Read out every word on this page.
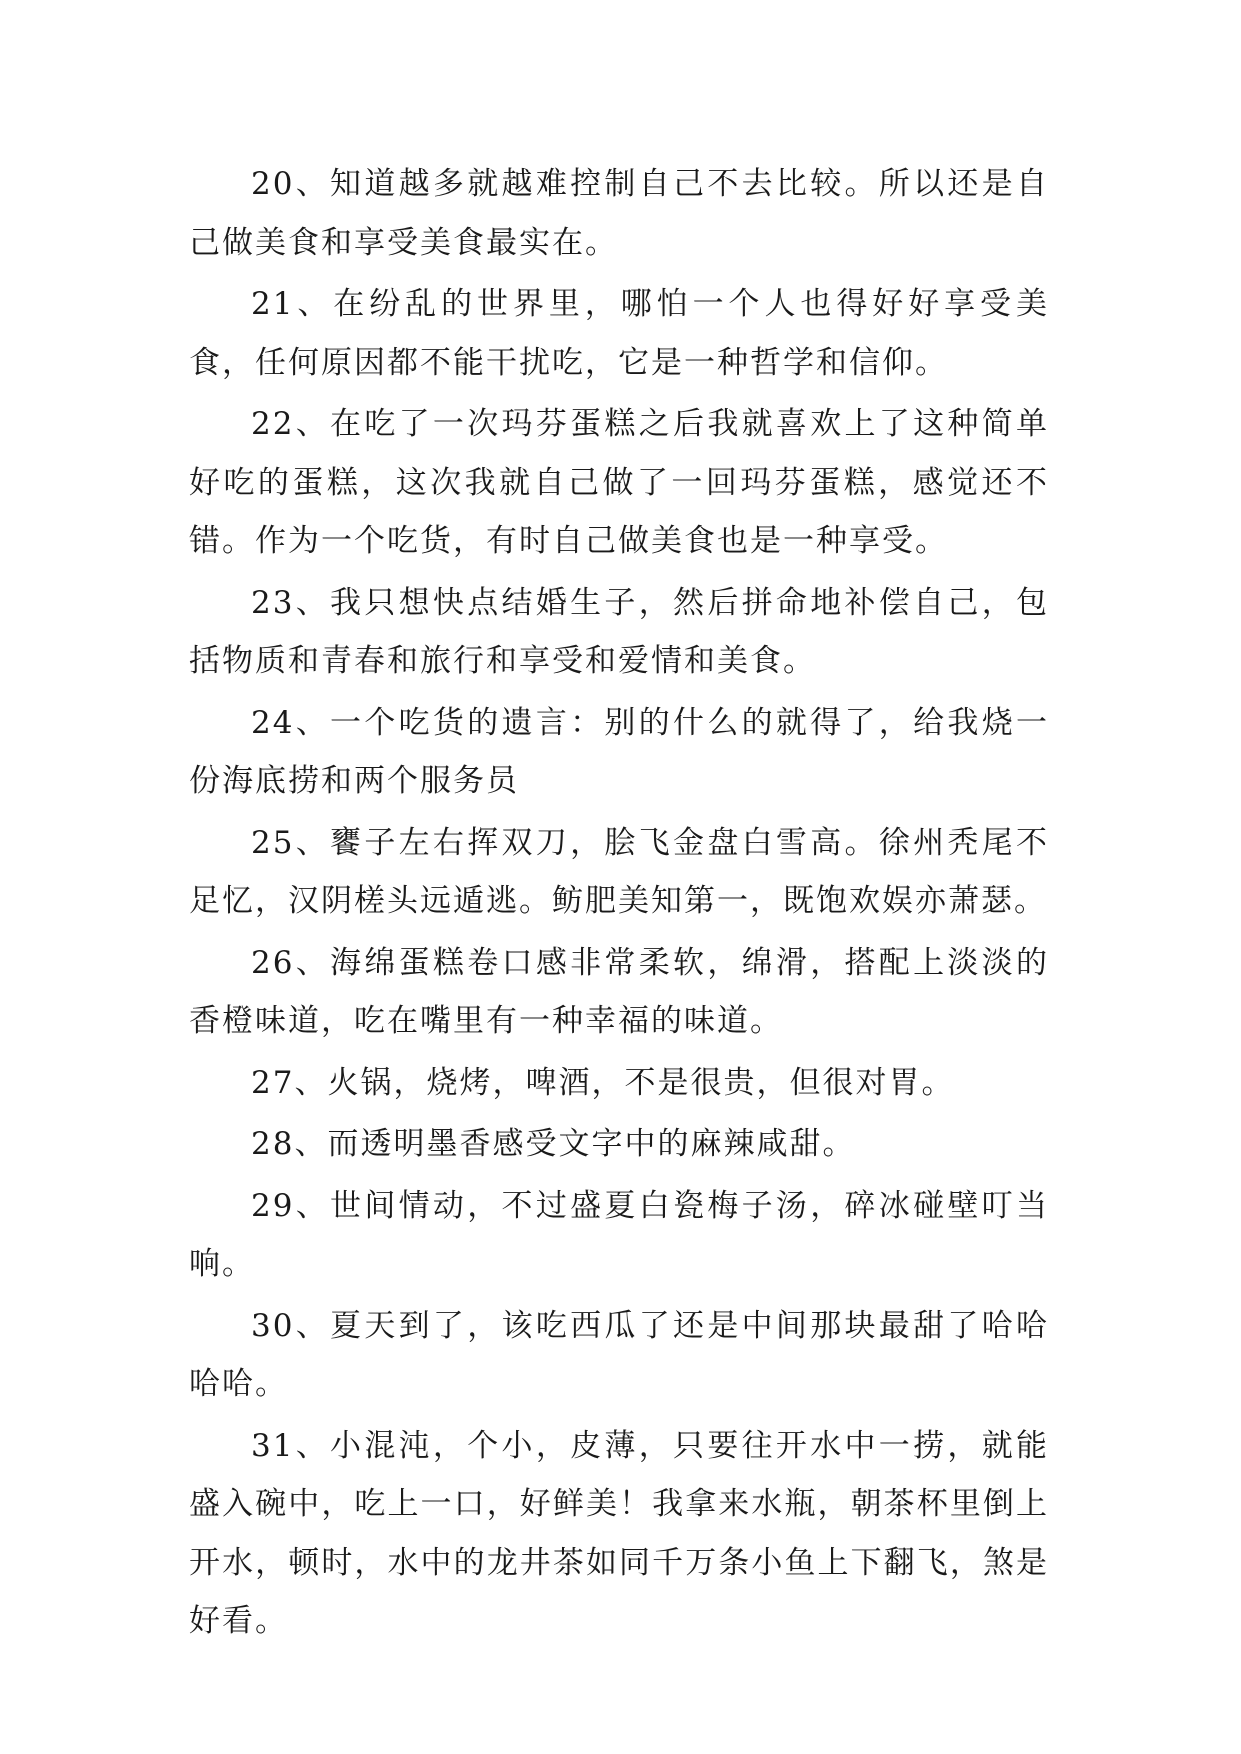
20、知道越多就越难控制自己不去比较。所以还是自己做美食和享受美食最实在。

21、在纷乱的世界里，哪怕一个人也得好好享受美食，任何原因都不能干扰吃，它是一种哲学和信仰。

22、在吃了一次玛芬蛋糕之后我就喜欢上了这种简单好吃的蛋糕，这次我就自己做了一回玛芬蛋糕，感觉还不错。作为一个吃货，有时自己做美食也是一种享受。

23、我只想快点结婚生子，然后拼命地补偿自己，包括物质和青春和旅行和享受和爱情和美食。

24、一个吃货的遗言：别的什么的就得了，给我烧一份海底捞和两个服务员

25、饔子左右挥双刀，脍飞金盘白雪高。徐州秃尾不足忆，汉阴槎头远遁逃。鲂肥美知第一，既饱欢娱亦萧瑟。

26、海绵蛋糕卷口感非常柔软，绵滑，搭配上淡淡的香橙味道，吃在嘴里有一种幸福的味道。

27、火锅，烧烤，啤酒，不是很贵，但很对胃。

28、而透明墨香感受文字中的麻辣咸甜。

29、世间情动，不过盛夏白瓷梅子汤，碎冰碰壁叮当响。

30、夏天到了，该吃西瓜了还是中间那块最甜了哈哈哈哈。

31、小混沌，个小，皮薄，只要往开水中一捞，就能盛入碗中，吃上一口，好鲜美！我拿来水瓶，朝茶杯里倒上开水，顿时，水中的龙井茶如同千万条小鱼上下翻飞，煞是好看。
